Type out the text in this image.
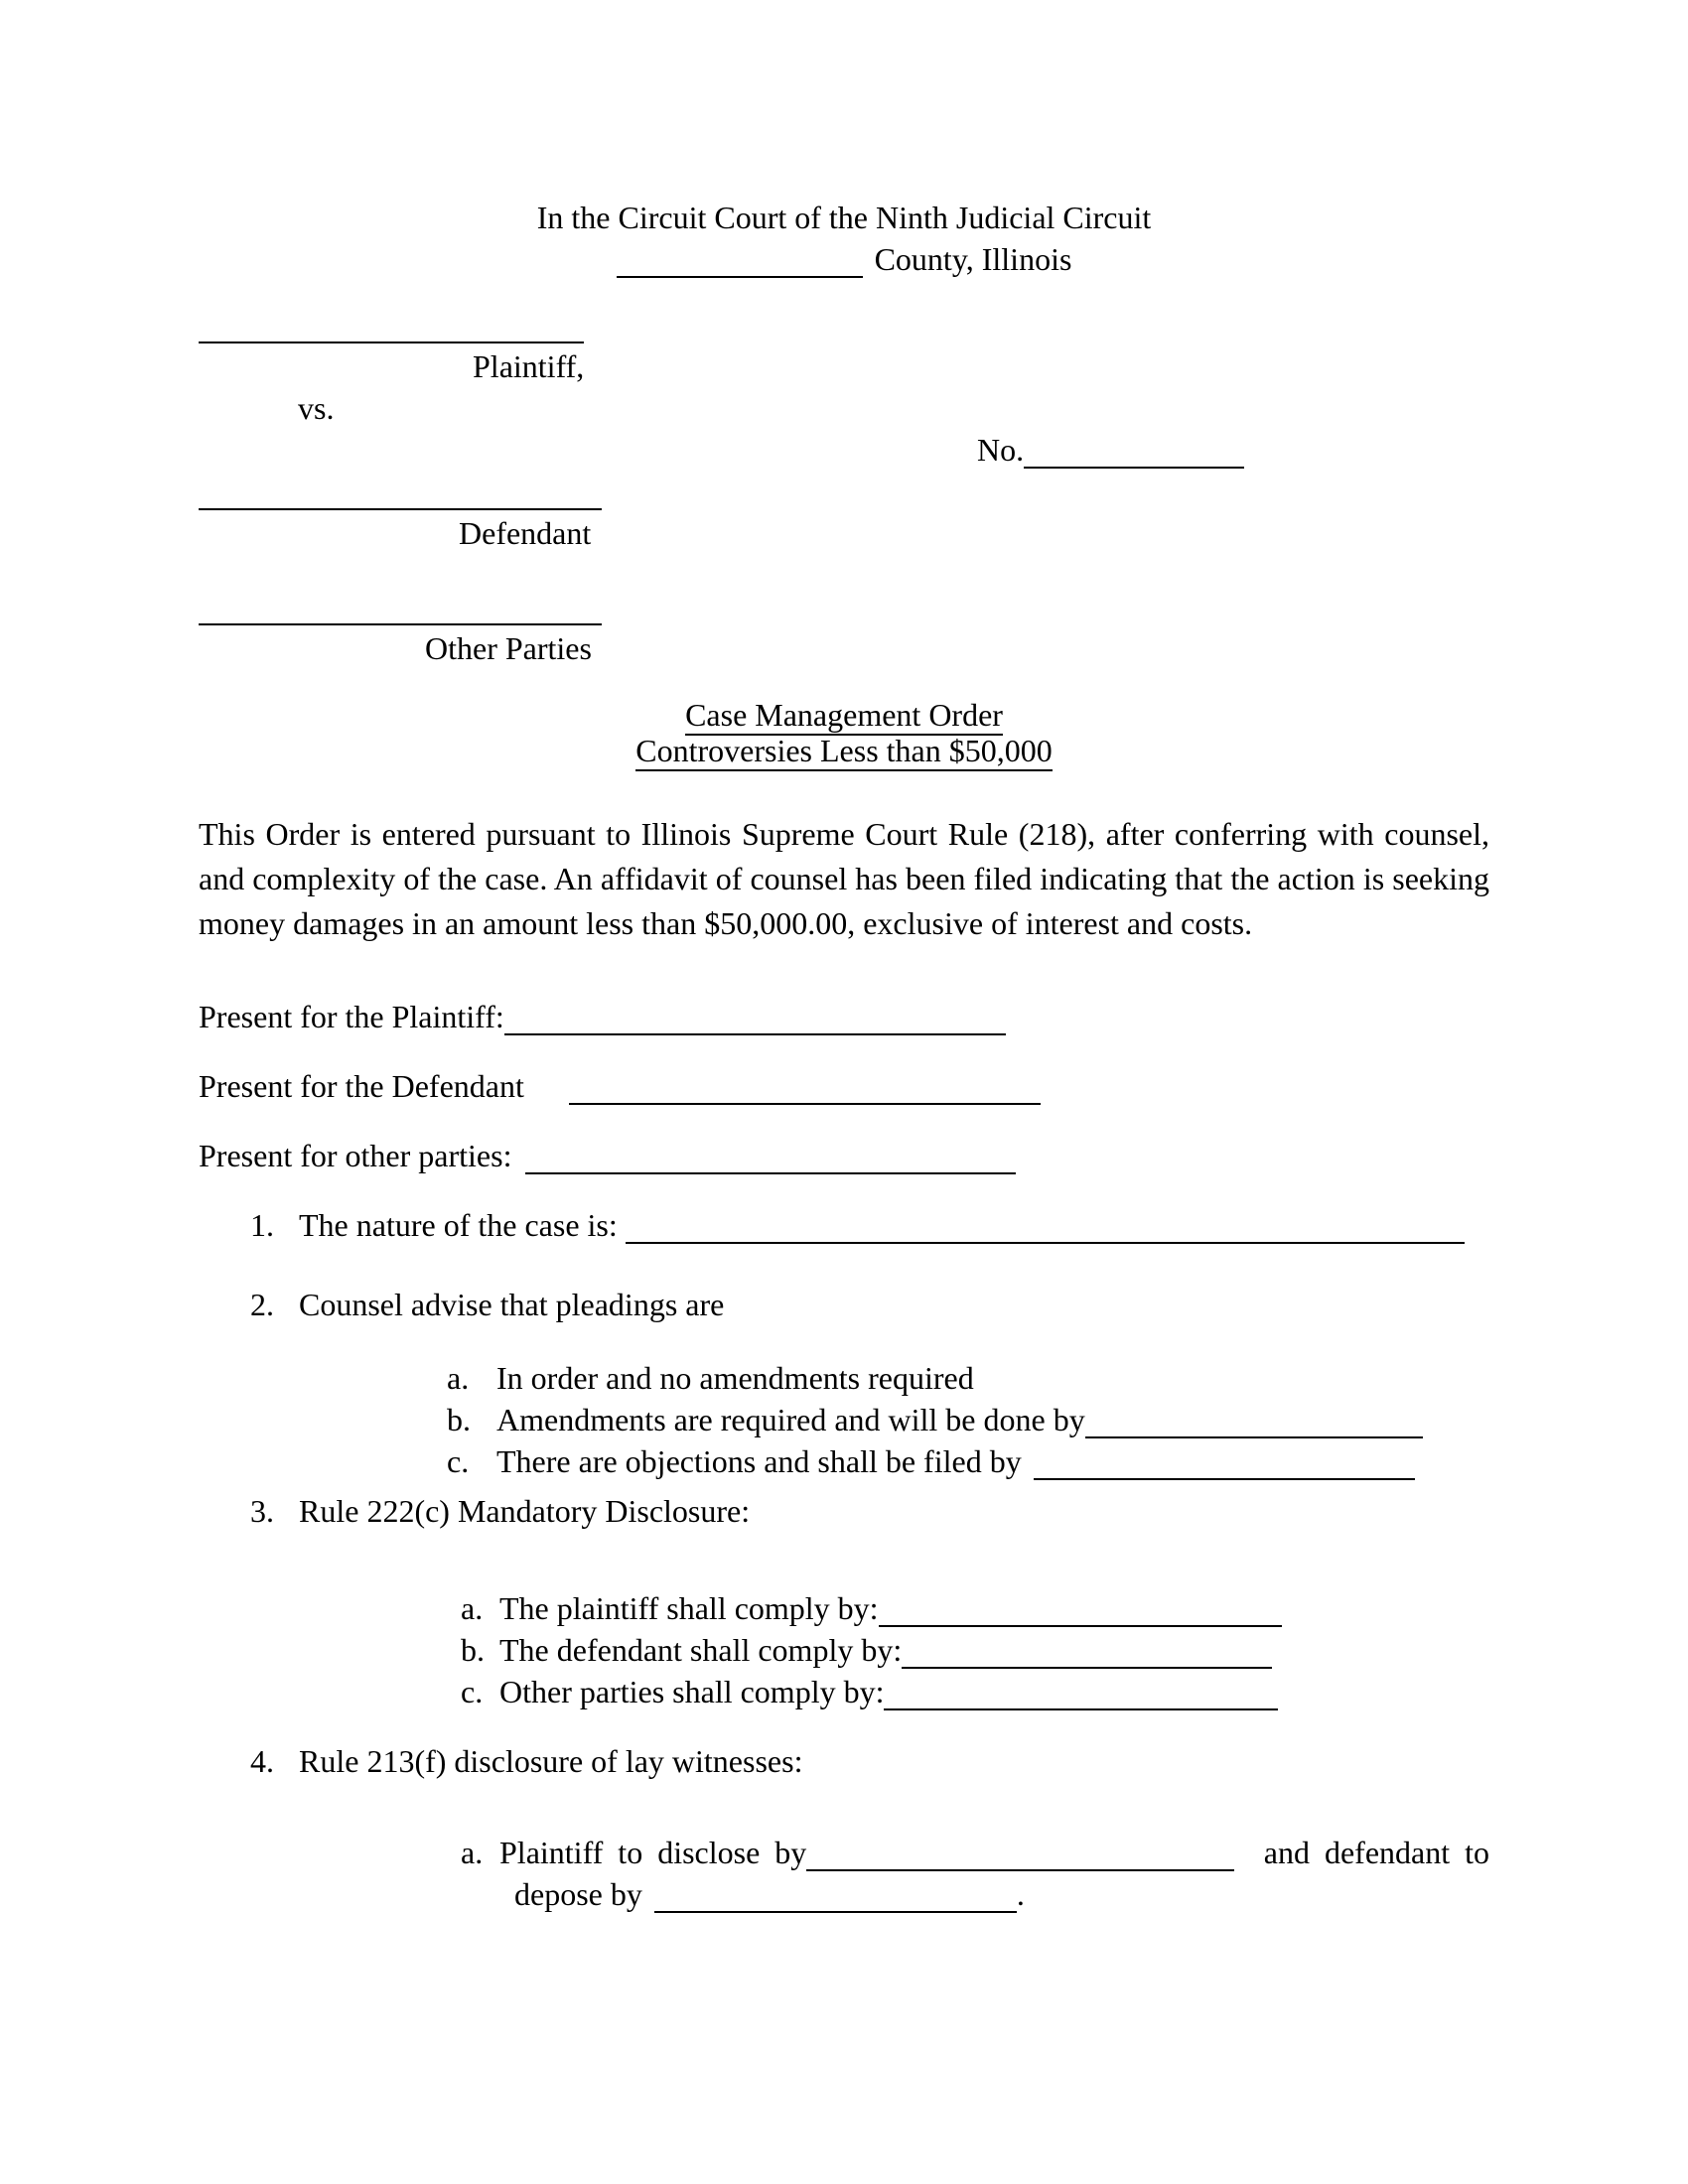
In the Circuit Court of the Ninth Judicial Circuit
County, Illinois
Plaintiff,
vs.
No.
Defendant
Other Parties
Case Management Order
Controversies Less than $50,000

This Order is entered pursuant to Illinois Supreme Court Rule (218), after conferring with counsel, and complexity of the case. An affidavit of counsel has been filed indicating that the action is seeking money damages in an amount less than $50,000.00, exclusive of interest and costs.

Present for the Plaintiff:
Present for the Defendant
Present for other parties:
1. The nature of the case is:
2. Counsel advise that pleadings are
a. In order and no amendments required
b. Amendments are required and will be done by
c. There are objections and shall be filed by
3. Rule 222(c) Mandatory Disclosure:
a. The plaintiff shall comply by:
b. The defendant shall comply by:
c. Other parties shall comply by:
4. Rule 213(f) disclosure of lay witnesses:
a. Plaintiff to disclose by	and defendant to
depose by	.
